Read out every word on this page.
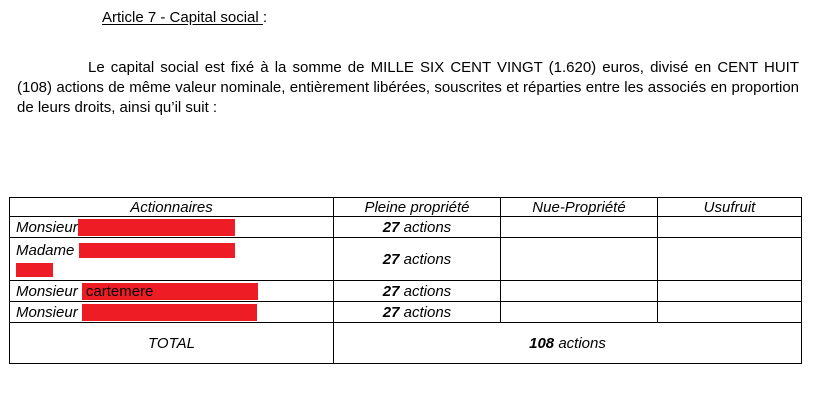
Article 7 - Capital social :

Le capital social est fixé à la somme de MILLE SIX CENT VINGT (1.620) euros, divisé en CENT HUIT (108) actions de même valeur nominale, entièrement libérées, souscrites et réparties entre les associés en proportion de leurs droits, ainsi qu’il suit :

Actionnaires	Pleine propriété	Nue-Propriété	Usufruit

Monsieur	27 actions		

Madame	27 actions		

Monsieur cartemere	27 actions		

Monsieur	27 actions		
TOTAL	108 actions		
